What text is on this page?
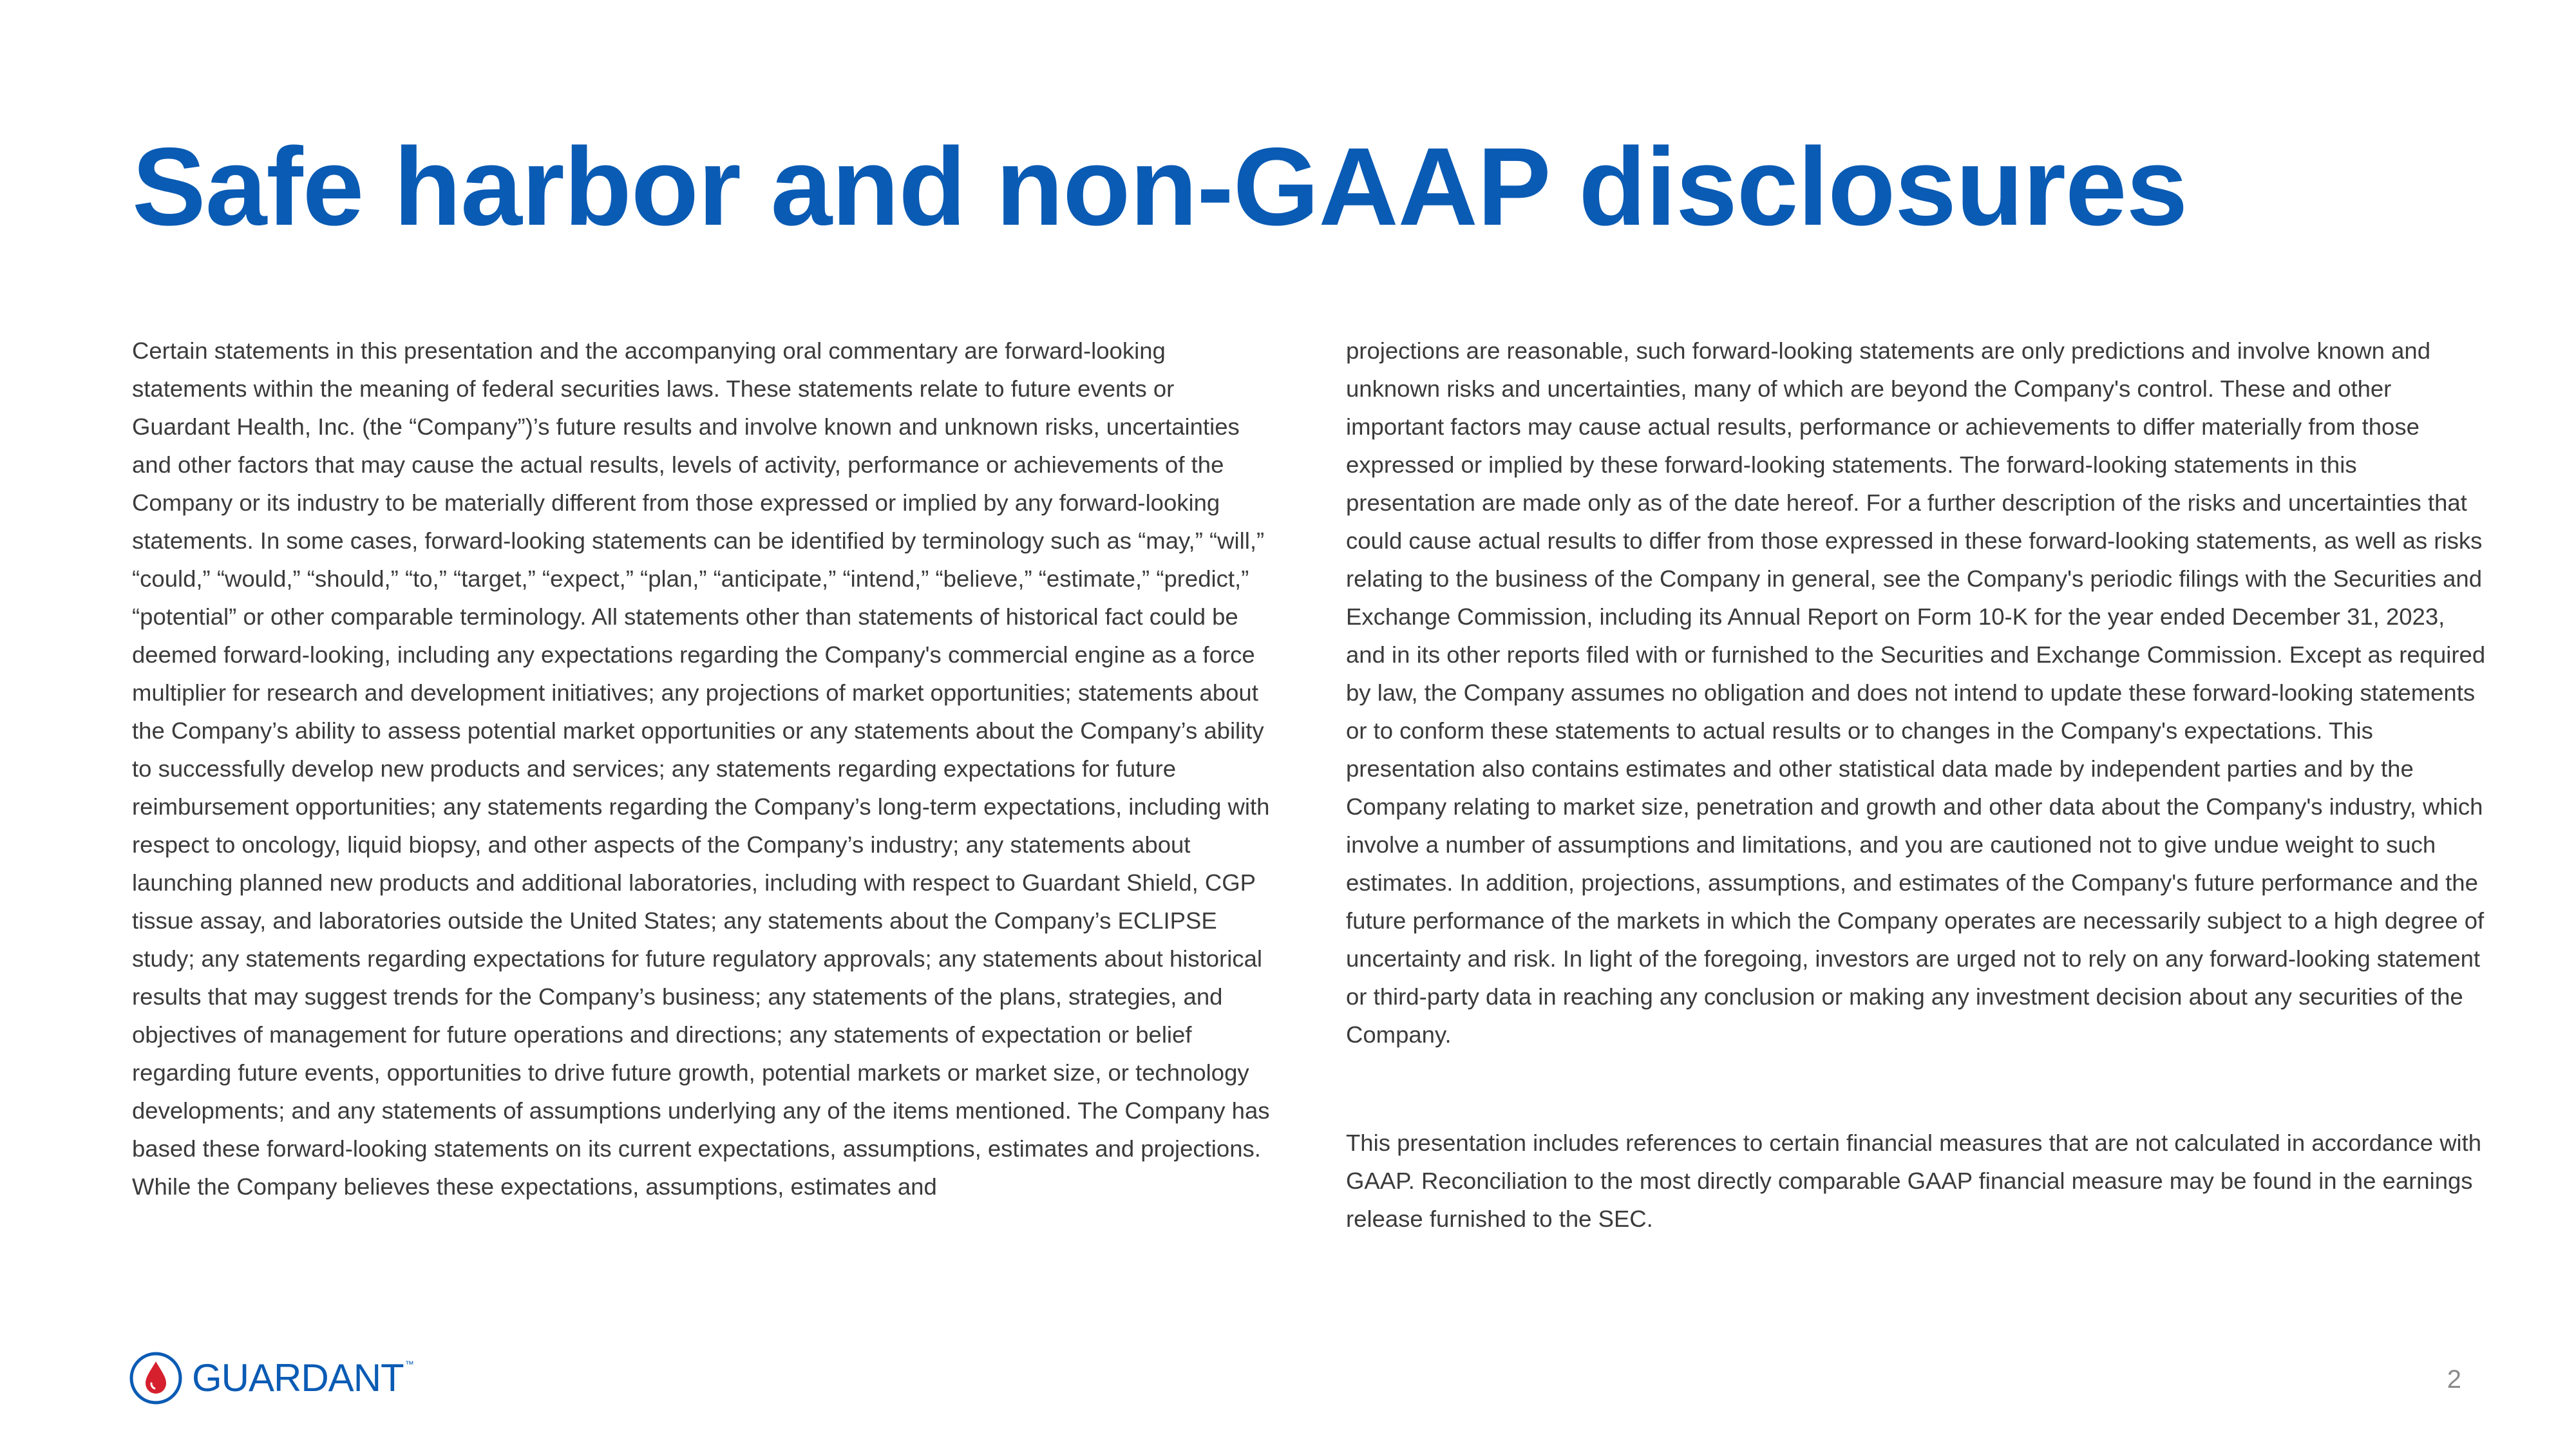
Safe harbor and non-GAAP disclosures

Certain statements in this presentation and the accompanying oral commentary are forward-looking statements within the meaning of federal securities laws. These statements relate to future events or Guardant Health, Inc. (the “Company”)’s future results and involve known and unknown risks, uncertainties and other factors that may cause the actual results, levels of activity, performance or achievements of the Company or its industry to be materially different from those expressed or implied by any forward-looking statements. In some cases, forward-looking statements can be identified by terminology such as “may,” “will,” “could,” “would,” “should,” “to,” “target,” “expect,” “plan,” “anticipate,” “intend,” “believe,” “estimate,” “predict,” “potential” or other comparable terminology. All statements other than statements of historical fact could be deemed forward-looking, including any expectations regarding the Company's commercial engine as a force multiplier for research and development initiatives; any projections of market opportunities; statements about the Company’s ability to assess potential market opportunities or any statements about the Company’s ability to successfully develop new products and services; any statements regarding expectations for future reimbursement opportunities; any statements regarding the Company’s long-term expectations, including with respect to oncology, liquid biopsy, and other aspects of the Company’s industry; any statements about launching planned new products and additional laboratories, including with respect to Guardant Shield, CGP tissue assay, and laboratories outside the United States; any statements about the Company’s ECLIPSE study; any statements regarding expectations for future regulatory approvals; any statements about historical results that may suggest trends for the Company’s business; any statements of the plans, strategies, and objectives of management for future operations and directions; any statements of expectation or belief regarding future events, opportunities to drive future growth, potential markets or market size, or technology developments; and any statements of assumptions underlying any of the items mentioned. The Company has based these forward-looking statements on its current expectations, assumptions, estimates and projections. While the Company believes these expectations, assumptions, estimates and

projections are reasonable, such forward-looking statements are only predictions and involve known and unknown risks and uncertainties, many of which are beyond the Company's control. These and other important factors may cause actual results, performance or achievements to differ materially from those expressed or implied by these forward-looking statements. The forward-looking statements in this presentation are made only as of the date hereof. For a further description of the risks and uncertainties that could cause actual results to differ from those expressed in these forward-looking statements, as well as risks relating to the business of the Company in general, see the Company's periodic filings with the Securities and Exchange Commission, including its Annual Report on Form 10-K for the year ended December 31, 2023, and in its other reports filed with or furnished to the Securities and Exchange Commission. Except as required by law, the Company assumes no obligation and does not intend to update these forward-looking statements or to conform these statements to actual results or to changes in the Company's expectations. This presentation also contains estimates and other statistical data made by independent parties and by the Company relating to market size, penetration and growth and other data about the Company's industry, which involve a number of assumptions and limitations, and you are cautioned not to give undue weight to such estimates. In addition, projections, assumptions, and estimates of the Company's future performance and the future performance of the markets in which the Company operates are necessarily subject to a high degree of uncertainty and risk. In light of the foregoing, investors are urged not to rely on any forward-looking statement or third-party data in reaching any conclusion or making any investment decision about any securities of the Company.

This presentation includes references to certain financial measures that are not calculated in accordance with GAAP. Reconciliation to the most directly comparable GAAP financial measure may be found in the earnings release furnished to the SEC.

GUARDANT ™
2
